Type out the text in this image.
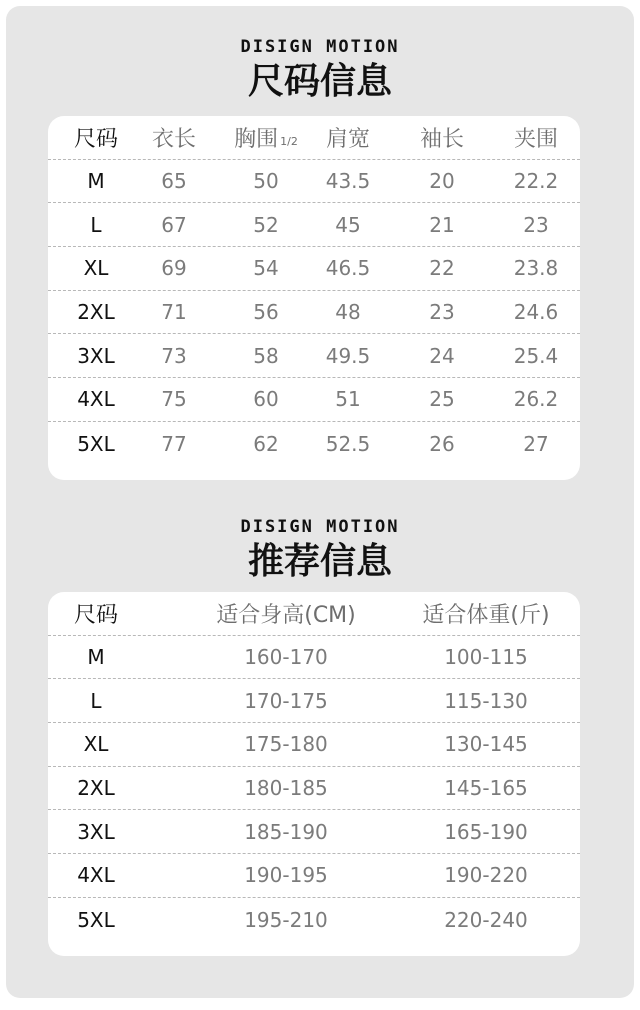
DISIGN MOTION
尺码信息
尺码	衣长	胸围 1/2	肩宽	袖长	夹围
M	65	50	43.5	20	22.2
L	67	52	45	21	23
XL	69	54	46.5	22	23.8
2XL	71	56	48	23	24.6
3XL	73	58	49.5	24	25.4
4XL	75	60	51	25	26.2
5XL	77	62	52.5	26	27
DISIGN MOTION
推荐信息
尺码	适合身高(CM)	适合体重(斤)
M	160-170	100-115
L	170-175	115-130
XL	175-180	130-145
2XL	180-185	145-165
3XL	185-190	165-190
4XL	190-195	190-220
5XL	195-210	220-240
